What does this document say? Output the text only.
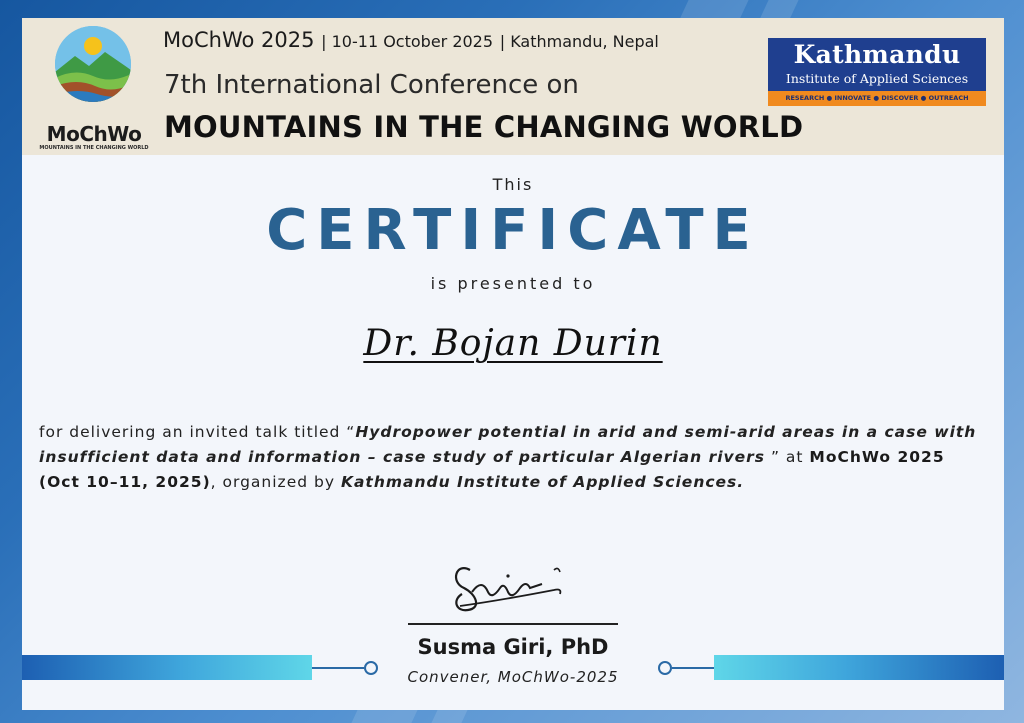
MoChWo
MOUNTAINS IN THE CHANGING WORLD
MoChWo 2025 | 10-11 October 2025 | Kathmandu, Nepal
7th International Conference on
MOUNTAINS IN THE CHANGING WORLD
Kathmandu
Institute of Applied Sciences
RESEARCH ● INNOVATE ● DISCOVER ● OUTREACH
This
CERTIFICATE
is presented to
Dr. Bojan Durin
for delivering an invited talk titled “Hydropower potential in arid and semi-arid areas in a case with insufficient data and information – case study of particular Algerian rivers ” at MoChWo 2025 (Oct 10–11, 2025), organized by Kathmandu Institute of Applied Sciences.
Susma Giri, PhD
Convener, MoChWo-2025
